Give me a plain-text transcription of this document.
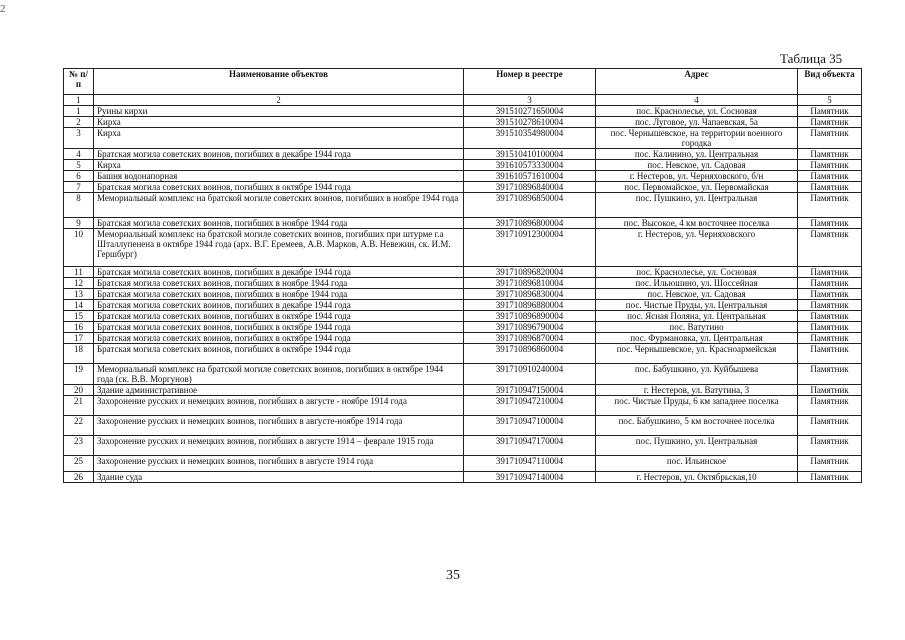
2
Таблица 35
№ п/п	Наименование объектов	Номер в реестре	Адрес	Вид объекта
1	2	3	4	5
1	Руины кирхи	391510271650004	пос. Краснолесье, ул. Сосновая	Памятник
2	Кирха	391510278610004	пос. Луговое, ул. Чапаевская, 5а	Памятник
3	Кирха	391510354980004	пос. Чернышевское, на территории военного городка	Памятник
4	Братская могила советских воинов, погибших в декабре 1944 года	391510410100004	пос. Калинино, ул. Центральная	Памятник
5	Кирха	391610573330004	пос. Невское, ул. Садовая	Памятник
6	Башня водонапорная	391610571610004	г. Нестеров, ул. Черняховского, б/н	Памятник
7	Братская могила советских воинов, погибших в октябре 1944 года	391710896840004	пос. Первомайское, ул. Первомайская	Памятник
8	Мемориальный комплекс на братской могиле советских воинов, погибших в ноябре 1944 года	391710896850004	пос. Пушкино, ул. Центральная	Памятник
9	Братская могила советских воинов, погибших в ноябре 1944 года	391710896800004	пос. Высокое, 4 км восточнее поселка	Памятник
10	Мемориальный комплекс на братской могиле советских воинов, погибших при штурме г.а Шталлупенена в октябре 1944 года (арх. В.Г. Еремеев, А.В. Марков, А.В. Невежин, ск. И.М. Гершбург)	391710912300004	г. Нестеров, ул. Черняховского	Памятник
11	Братская могила советских воинов, погибших в декабре 1944 года	391710896820004	пос. Краснолесье, ул. Сосновая	Памятник
12	Братская могила советских воинов, погибших в ноябре 1944 года	391710896810004	пос. Ильюшино, ул. Шоссейная	Памятник
13	Братская могила советских воинов, погибших в ноябре 1944 года	391710896830004	пос. Невское, ул. Садовая	Памятник
14	Братская могила советских воинов, погибших в декабре 1944 года	391710896880004	пос. Чистые Пруды, ул. Центральная	Памятник
15	Братская могила советских воинов, погибших в октябре 1944 года	391710896890004	пос. Ясная Поляна, ул. Центральная	Памятник
16	Братская могила советских воинов, погибших в октябре 1944 года	391710896790004	пос. Ватутино	Памятник
17	Братская могила советских воинов, погибших в октябре 1944 года	391710896870004	пос. Фурмановка, ул. Центральная	Памятник
18	Братская могила советских воинов, погибших в октябре 1944 года	391710896860004	пос. Чернышевское, ул. Красноармейская	Памятник
19	Мемориальный комплекс на братской могиле советских воинов, погибших в октябре 1944 года (ск. В.В. Моргунов)	391710910240004	пос. Бабушкино, ул. Куйбышева	Памятник
20	Здание административное	391710947150004	г. Нестеров, ул. Ватутина, 3	Памятник
21	Захоронение русских и немецких воинов, погибших в августе - ноябре 1914 года	391710947210004	пос. Чистые Пруды, 6 км западнее поселка	Памятник
22	Захоронение русских и немецких воинов, погибших в августе-ноябре 1914 года	391710947100004	пос. Бабушкино, 5 км восточнее поселка	Памятник
23	Захоронение русских и немецких воинов, погибших в августе 1914 – феврале 1915 года	391710947170004	пос. Пушкино, ул. Центральная	Памятник
25	Захоронение русских и немецких воинов, погибших в августе 1914 года	391710947110004	пос. Ильинское	Памятник
26	Здание суда	391710947140004	г. Нестеров, ул. Октябрьская,10	Памятник
35
